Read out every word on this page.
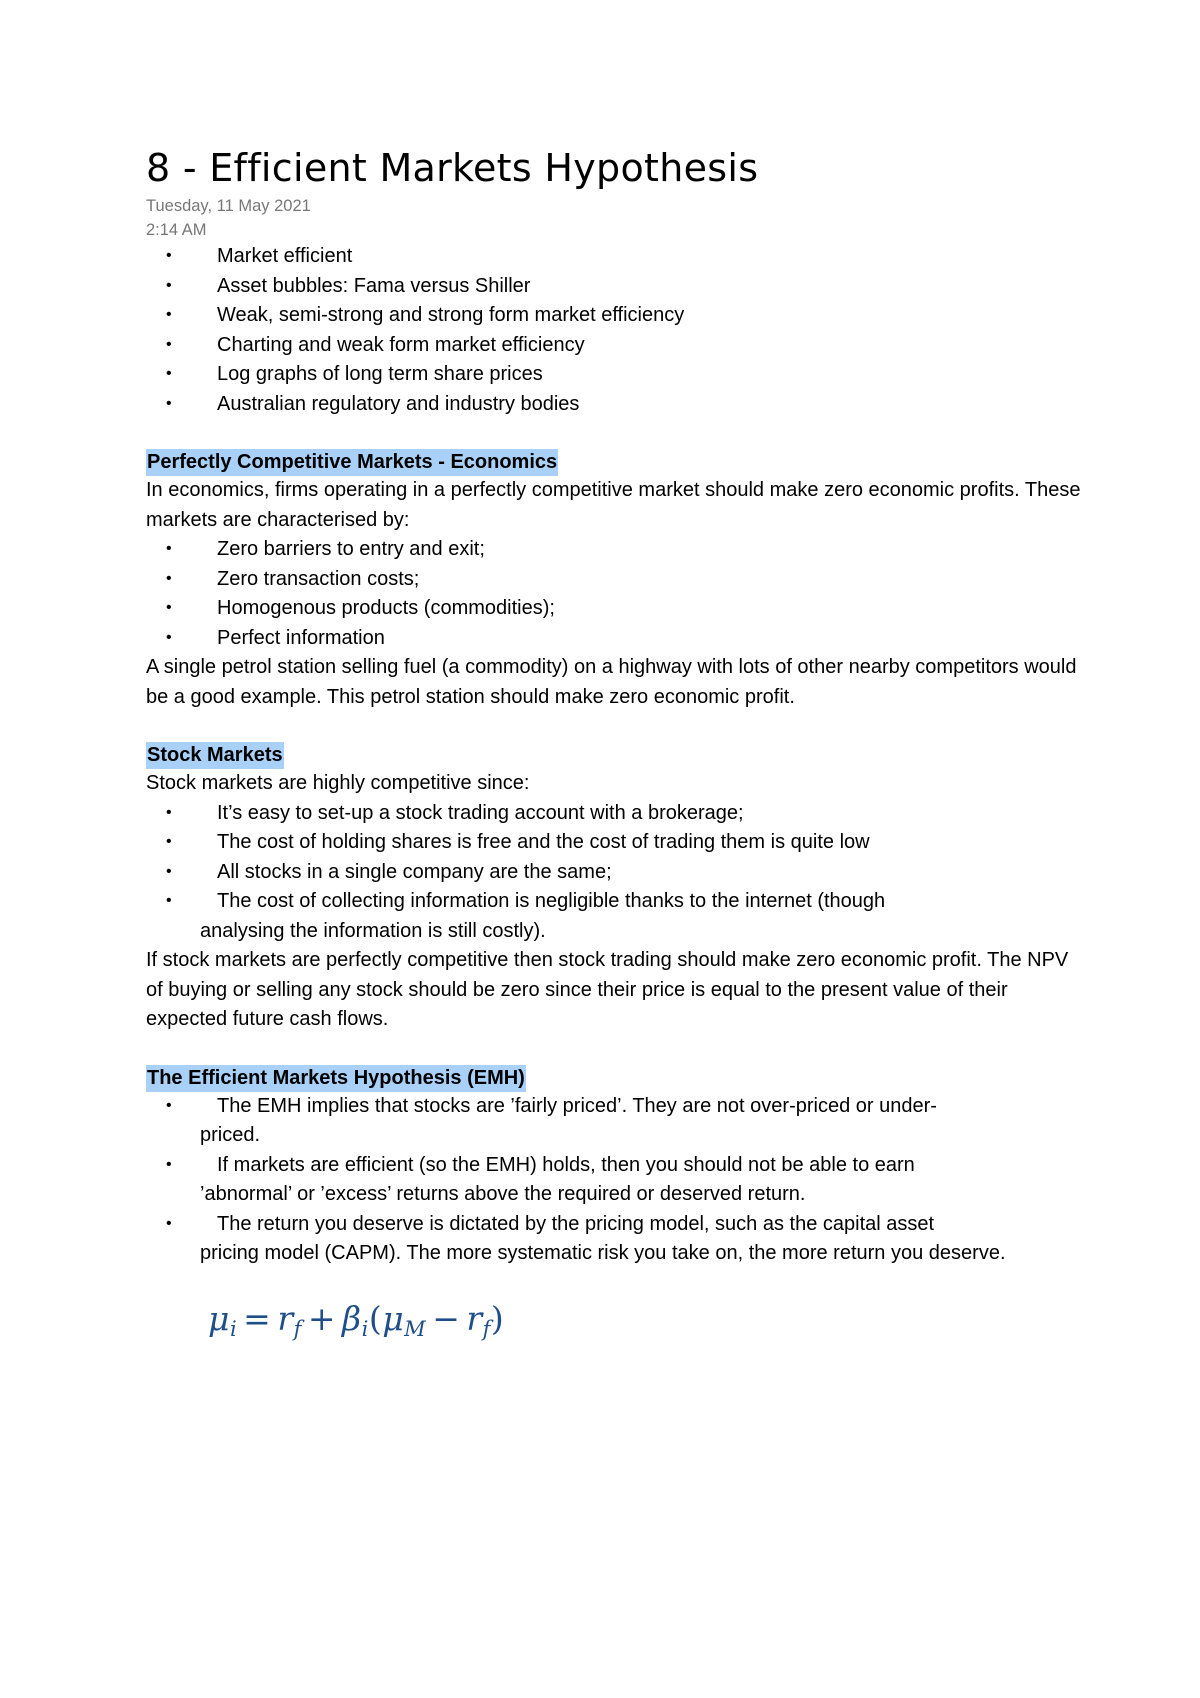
8 - Efficient Markets Hypothesis
Tuesday, 11 May 2021
2:14 AM
• Market efficient
• Asset bubbles: Fama versus Shiller
• Weak, semi-strong and strong form market efficiency
• Charting and weak form market efficiency
• Log graphs of long term share prices
• Australian regulatory and industry bodies
Perfectly Competitive Markets - Economics

In economics, firms operating in a perfectly competitive market should make zero economic profits. These markets are characterised by:

• Zero barriers to entry and exit;
• Zero transaction costs;
• Homogenous products (commodities);
• Perfect information

A single petrol station selling fuel (a commodity) on a highway with lots of other nearby competitors would be a good example. This petrol station should make zero economic profit.

Stock Markets

Stock markets are highly competitive since:

• It’s easy to set-up a stock trading account with a brokerage;
• The cost of holding shares is free and the cost of trading them is quite low
• All stocks in a single company are the same;
• The cost of collecting information is negligible thanks to the internet (though
analysing the information is still costly).

If stock markets are perfectly competitive then stock trading should make zero economic profit. The NPV of buying or selling any stock should be zero since their price is equal to the present value of their expected future cash flows.

The Efficient Markets Hypothesis (EMH)
• The EMH implies that stocks are ’fairly priced’. They are not over-priced or under-
priced.
• If markets are efficient (so the EMH) holds, then you should not be able to earn
’abnormal’ or ’excess’ returns above the required or deserved return.
• The return you deserve is dictated by the pricing model, such as the capital asset
pricing model (CAPM). The more systematic risk you take on, the more return you deserve.
$\mu_i = r_f + \beta_i(\mu_M - r_f)$
